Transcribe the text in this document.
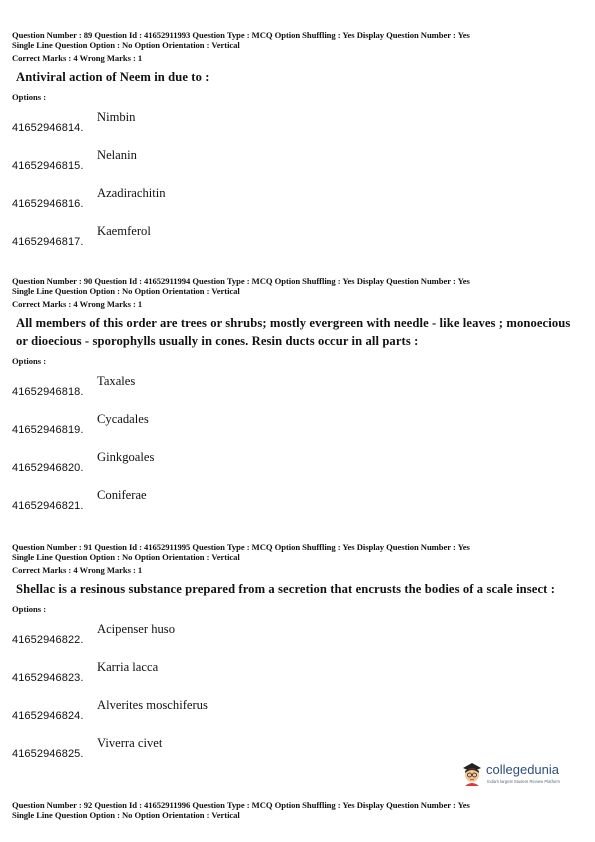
Question Number : 89 Question Id : 41652911993 Question Type : MCQ Option Shuffling : Yes Display Question Number : Yes
Single Line Question Option : No Option Orientation : Vertical
Correct Marks : 4 Wrong Marks : 1
Antiviral action of Neem in due to :
Options :
41652946814.
Nimbin
41652946815.
Nelanin
41652946816.
Azadirachitin
41652946817.
Kaemferol
Question Number : 90 Question Id : 41652911994 Question Type : MCQ Option Shuffling : Yes Display Question Number : Yes
Single Line Question Option : No Option Orientation : Vertical
Correct Marks : 4 Wrong Marks : 1
All members of this order are trees or shrubs; mostly evergreen with needle - like leaves ; monoecious or dioecious - sporophylls usually in cones. Resin ducts occur in all parts :
Options :
41652946818.
Taxales
41652946819.
Cycadales
41652946820.
Ginkgoales
41652946821.
Coniferae
Question Number : 91 Question Id : 41652911995 Question Type : MCQ Option Shuffling : Yes Display Question Number : Yes
Single Line Question Option : No Option Orientation : Vertical
Correct Marks : 4 Wrong Marks : 1
Shellac is a resinous substance prepared from a secretion that encrusts the bodies of a scale insect :
Options :
41652946822.
Acipenser huso
41652946823.
Karria lacca
41652946824.
Alverites moschiferus
41652946825.
Viverra civet
collegedunia
India's largest Student Review Platform
Question Number : 92 Question Id : 41652911996 Question Type : MCQ Option Shuffling : Yes Display Question Number : Yes
Single Line Question Option : No Option Orientation : Vertical
